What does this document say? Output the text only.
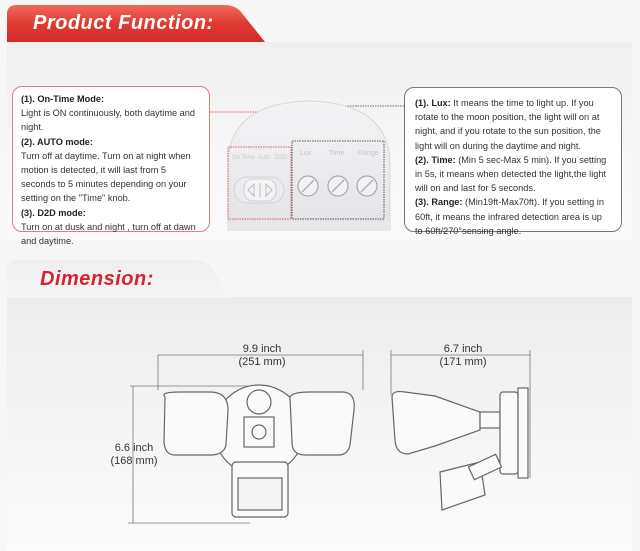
Product Function:
(1). On-Time Mode:
Light is ON continuously, both daytime and night.
(2). AUTO mode:
Turn off at daytime. Turn on at night when motion is detected, it will last from 5 seconds to 5 minutes depending on your setting on the "Time" knob.
(3). D2D mode:
Turn on at dusk and night , turn off at dawn and daytime.
On Time Auto D2D
Lux	Time Range
(1). Lux: It means the time to light up. If you rotate to the moon position, the light will on at night, and if you rotate to the sun position, the light will on during the daytime and night.
(2). Time: (Min 5 sec-Max 5 min). If you setting in 5s, it means when detected the light,the light will on and last for 5 seconds.
(3). Range: (Min19ft-Max70ft). If you setting in 60ft, it means the infrared detection area is up to 60ft/270°sensing angle.
Dimension:
9.9 inch
(251 mm)
6.6 inch
(168 mm)
6.7 inch
(171 mm)
